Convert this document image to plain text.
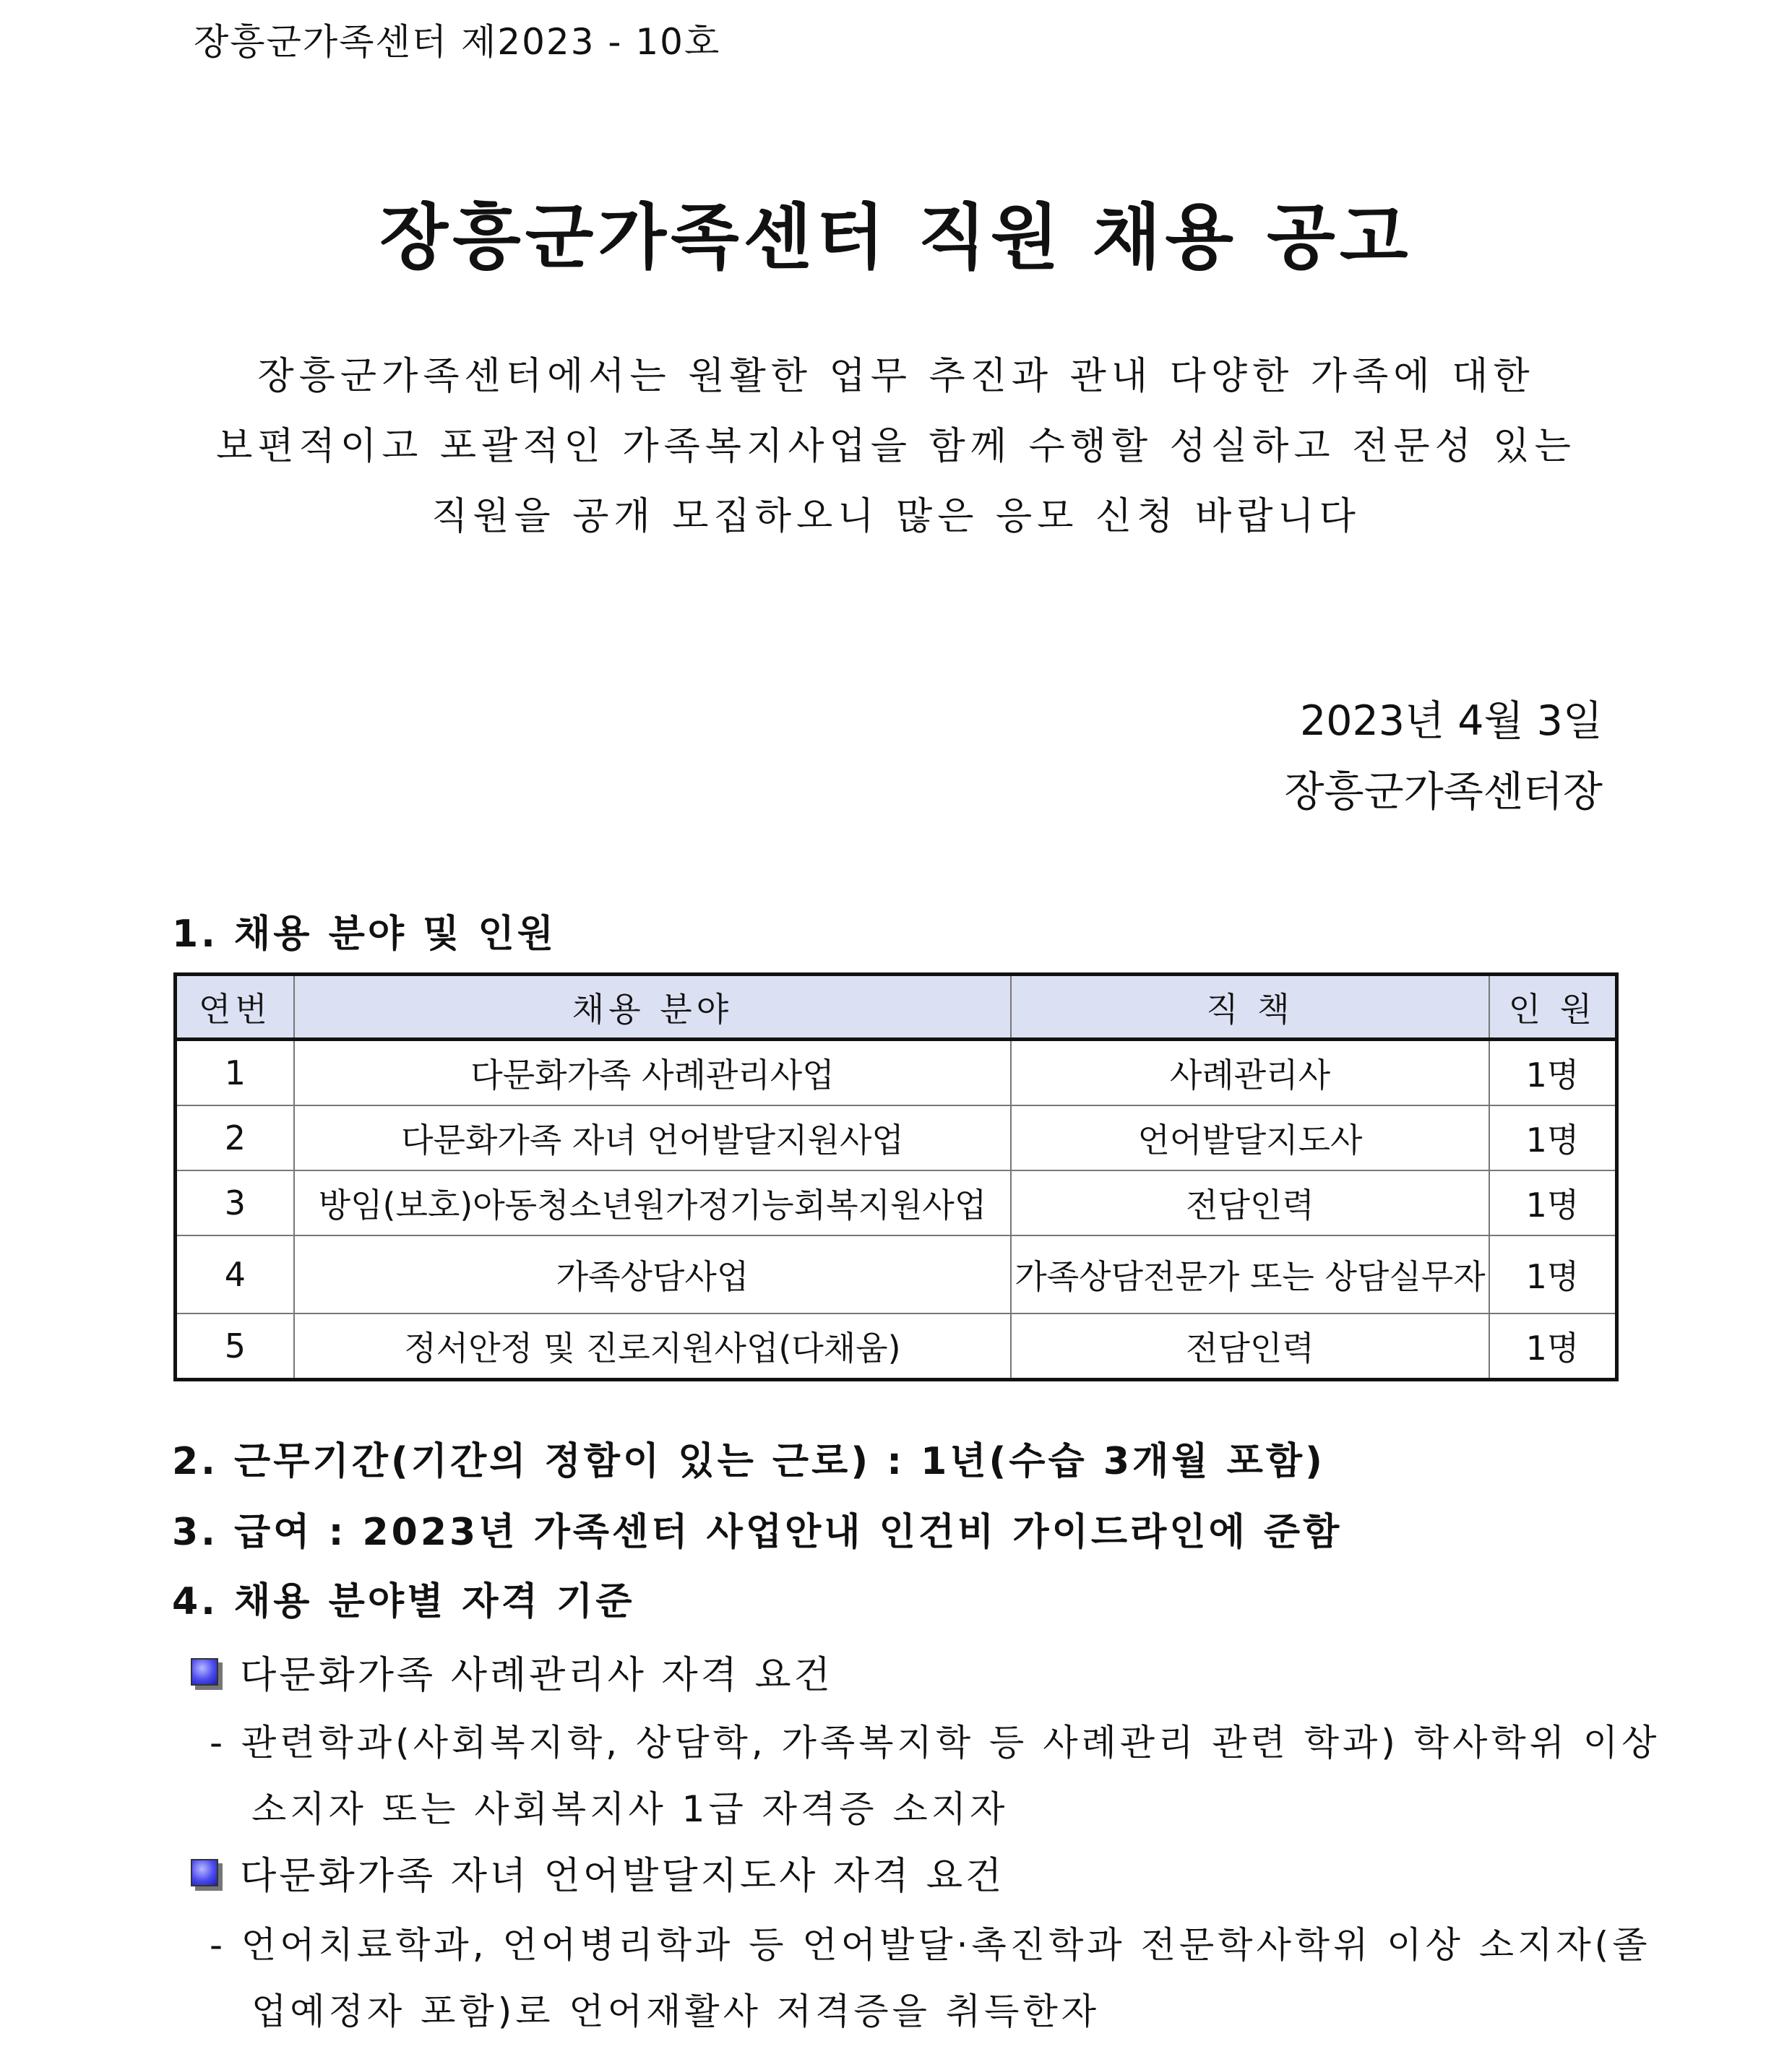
장흥군가족센터 제2023 - 10호
장흥군가족센터 직원 채용 공고
장흥군가족센터에서는 원활한 업무 추진과 관내 다양한 가족에 대한
보편적이고 포괄적인 가족복지사업을 함께 수행할 성실하고 전문성 있는
직원을 공개 모집하오니 많은 응모 신청 바랍니다
2023년 4월 3일
장흥군가족센터장
1. 채용 분야 및 인원
연번	채용 분야	직 책	인 원
1	다문화가족 사례관리사업	사례관리사	1명
2	다문화가족 자녀 언어발달지원사업	언어발달지도사	1명
3	방임(보호)아동청소년원가정기능회복지원사업	전담인력	1명
4	가족상담사업	가족상담전문가 또는 상담실무자	1명
5	정서안정 및 진로지원사업(다채움)	전담인력	1명
2. 근무기간(기간의 정함이 있는 근로) : 1년(수습 3개월 포함)
3. 급여 : 2023년 가족센터 사업안내 인건비 가이드라인에 준함
4. 채용 분야별 자격 기준
다문화가족 사례관리사 자격 요건
- 관련학과(사회복지학, 상담학, 가족복지학 등 사례관리 관련 학과) 학사학위 이상
소지자 또는 사회복지사 1급 자격증 소지자
다문화가족 자녀 언어발달지도사 자격 요건
- 언어치료학과, 언어병리학과 등 언어발달·촉진학과 전문학사학위 이상 소지자(졸
업예정자 포함)로 언어재활사 저격증을 취득한자
